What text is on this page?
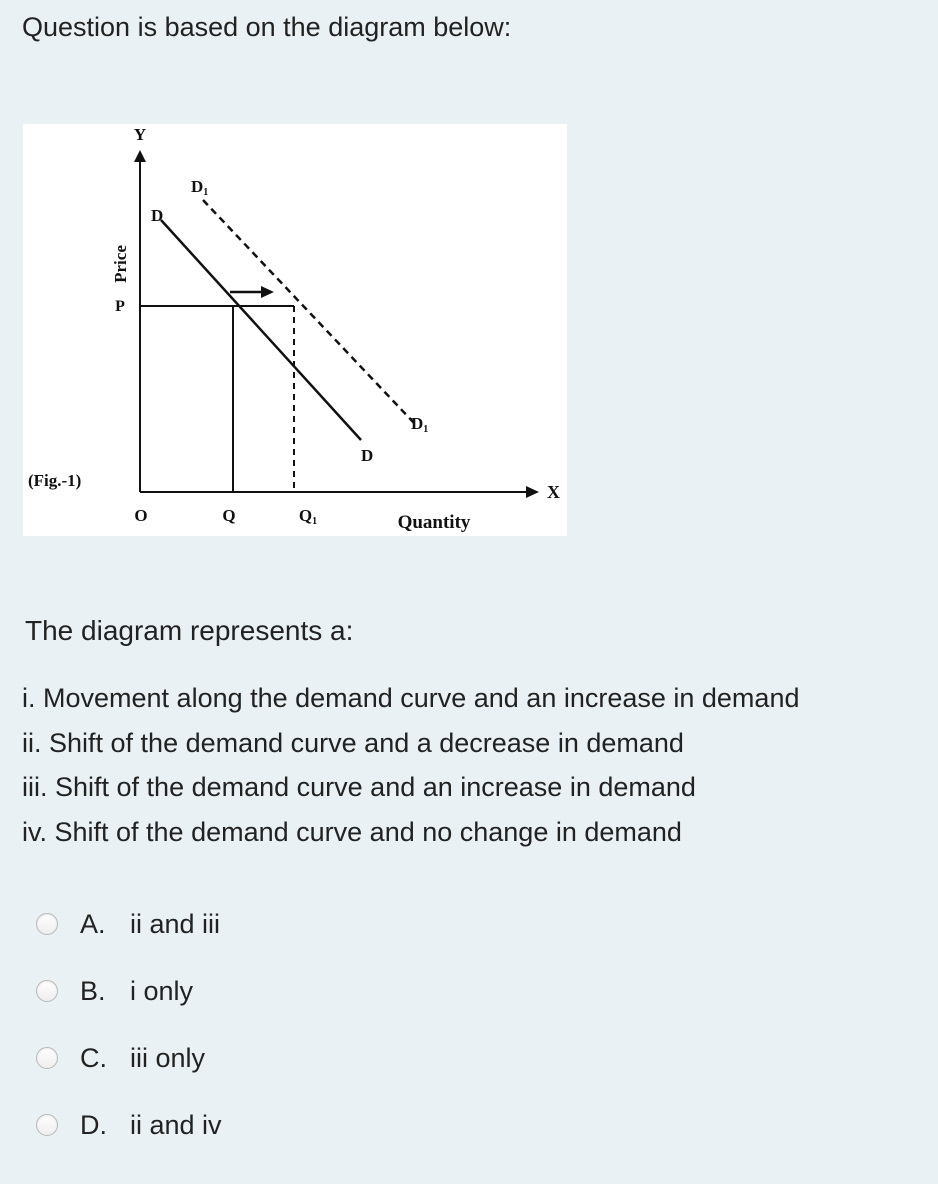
Question is based on the diagram below:
Y
X
Price
Quantity
P
(Fig.-1)
O	Q	Q1
D
D
D1
D1

The diagram represents a:

i. Movement along the demand curve and an increase in demand
ii. Shift of the demand curve and a decrease in demand
iii. Shift of the demand curve and an increase in demand
iv. Shift of the demand curve and no change in demand
A. ii and iii
B. i only
C. iii only
D. ii and iv
